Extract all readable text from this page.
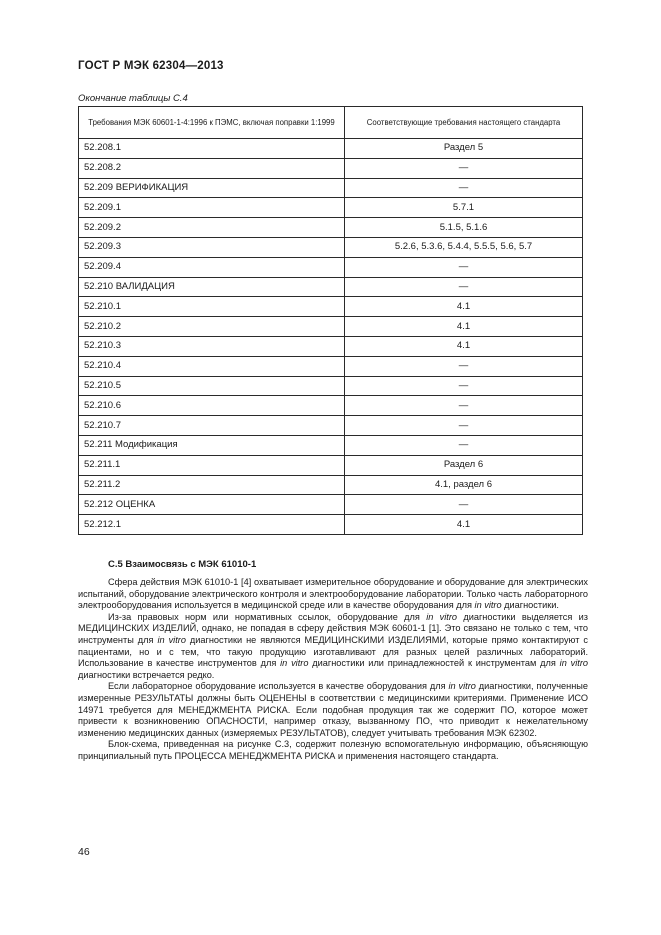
ГОСТ Р МЭК 62304—2013
Окончание таблицы С.4
Требования МЭК 60601-1-4:1996 к ПЭМС, включая поправки 1:1999	Соответствующие требования настоящего стандарта
52.208.1	Раздел 5
52.208.2	—
52.209 ВЕРИФИКАЦИЯ	—
52.209.1	5.7.1
52.209.2	5.1.5, 5.1.6
52.209.3	5.2.6, 5.3.6, 5.4.4, 5.5.5, 5.6, 5.7
52.209.4	—
52.210 ВАЛИДАЦИЯ	—
52.210.1	4.1
52.210.2	4.1
52.210.3	4.1
52.210.4	—
52.210.5	—
52.210.6	—
52.210.7	—
52.211 Модификация	—
52.211.1	Раздел 6
52.211.2	4.1, раздел 6
52.212 ОЦЕНКА	—
52.212.1	4.1
С.5 Взаимосвязь с МЭК 61010-1

Сфера действия МЭК 61010-1 [4] охватывает измерительное оборудование и оборудование для электрических испытаний, оборудование электрического контроля и электрооборудование лаборатории. Только часть лабораторного электрооборудования используется в медицинской среде или в качестве оборудования для in vitro диагностики.

Из-за правовых норм или нормативных ссылок, оборудование для in vitro диагностики выделяется из МЕДИЦИНСКИХ ИЗДЕЛИЙ, однако, не попадая в сферу действия МЭК 60601-1 [1]. Это связано не только с тем, что инструменты для in vitro диагностики не являются МЕДИЦИНСКИМИ ИЗДЕЛИЯМИ, которые прямо контактируют с пациентами, но и с тем, что такую продукцию изготавливают для разных целей различных лабораторий. Использование в качестве инструментов для in vitro диагностики или принадлежностей к инструментам для in vitro диагностики встречается редко.

Если лабораторное оборудование используется в качестве оборудования для in vitro диагностики, полученные измеренные РЕЗУЛЬТАТЫ должны быть ОЦЕНЕНЫ в соответствии с медицинскими критериями. Применение ИСО 14971 требуется для МЕНЕДЖМЕНТА РИСКА. Если подобная продукция так же содержит ПО, которое может привести к возникновению ОПАСНОСТИ, например отказу, вызванному ПО, что приводит к нежелательному изменению медицинских данных (измеряемых РЕЗУЛЬТАТОВ), следует учитывать требования МЭК 62302.

Блок-схема, приведенная на рисунке С.3, содержит полезную вспомогательную информацию, объясняющую принципиальный путь ПРОЦЕССА МЕНЕДЖМЕНТА РИСКА и применения настоящего стандарта.

46
